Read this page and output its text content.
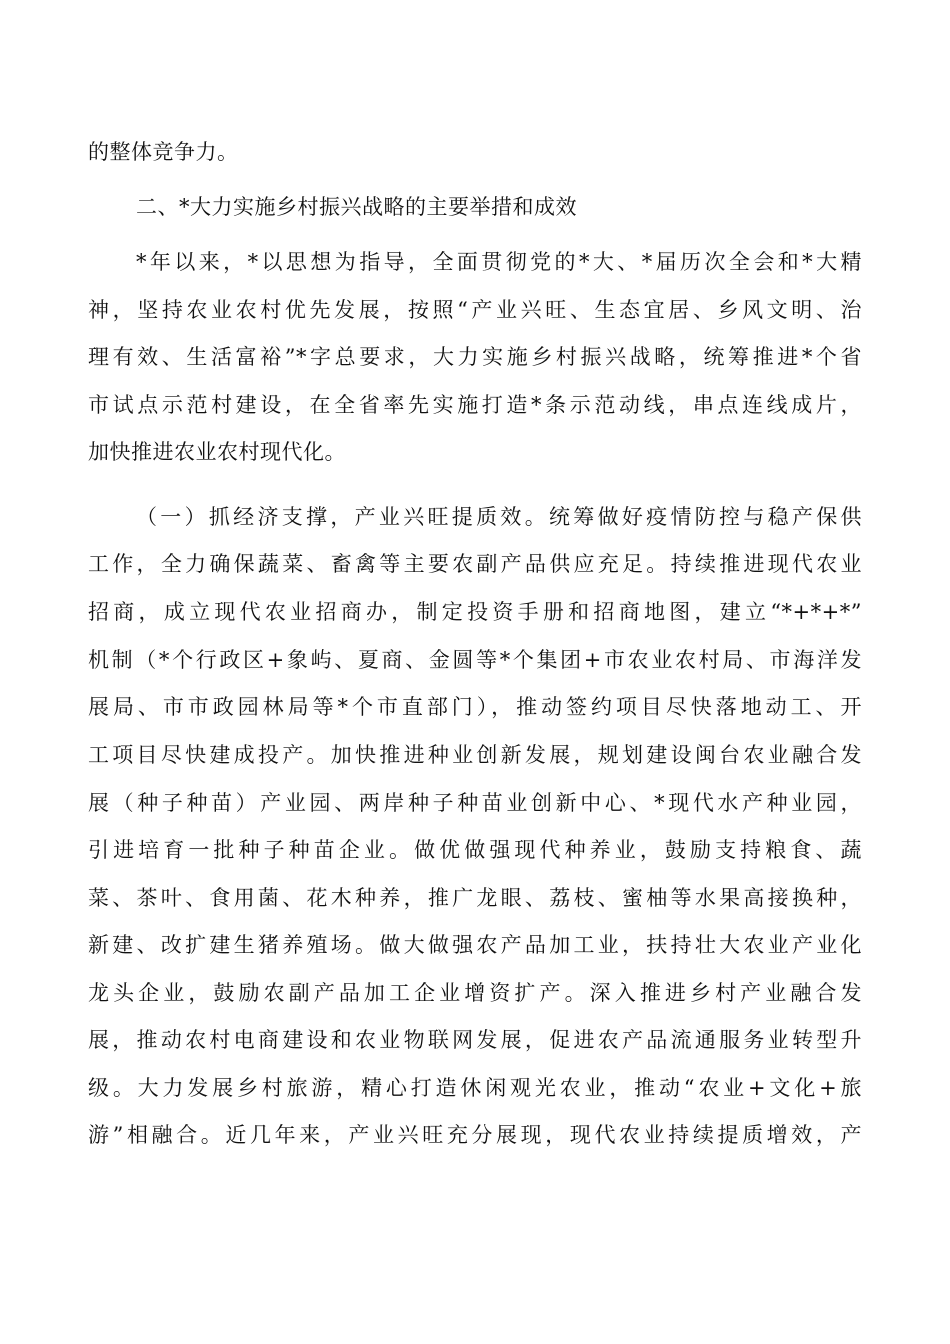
的整体竞争力。
二、*大力实施乡村振兴战略的主要举措和成效
*年以来，*以思想为指导，全面贯彻党的*大、*届历次全会和*大精
神，坚持农业农村优先发展，按照“产业兴旺、生态宜居、乡风文明、治
理有效、生活富裕”*字总要求，大力实施乡村振兴战略，统筹推进*个省
市试点示范村建设，在全省率先实施打造*条示范动线，串点连线成片，
加快推进农业农村现代化。
（一）抓经济支撑，产业兴旺提质效。统筹做好疫情防控与稳产保供
工作，全力确保蔬菜、畜禽等主要农副产品供应充足。持续推进现代农业
招商，成立现代农业招商办，制定投资手册和招商地图，建立“*+*+*”
机制（*个行政区+象屿、夏商、金圆等*个集团+市农业农村局、市海洋发
展局、市市政园林局等*个市直部门），推动签约项目尽快落地动工、开
工项目尽快建成投产。加快推进种业创新发展，规划建设闽台农业融合发
展（种子种苗）产业园、两岸种子种苗业创新中心、*现代水产种业园，
引进培育一批种子种苗企业。做优做强现代种养业，鼓励支持粮食、蔬
菜、茶叶、食用菌、花木种养，推广龙眼、荔枝、蜜柚等水果高接换种，
新建、改扩建生猪养殖场。做大做强农产品加工业，扶持壮大农业产业化
龙头企业，鼓励农副产品加工企业增资扩产。深入推进乡村产业融合发
展，推动农村电商建设和农业物联网发展，促进农产品流通服务业转型升
级。大力发展乡村旅游，精心打造休闲观光农业，推动“农业+文化+旅
游”相融合。近几年来，产业兴旺充分展现，现代农业持续提质增效，产
